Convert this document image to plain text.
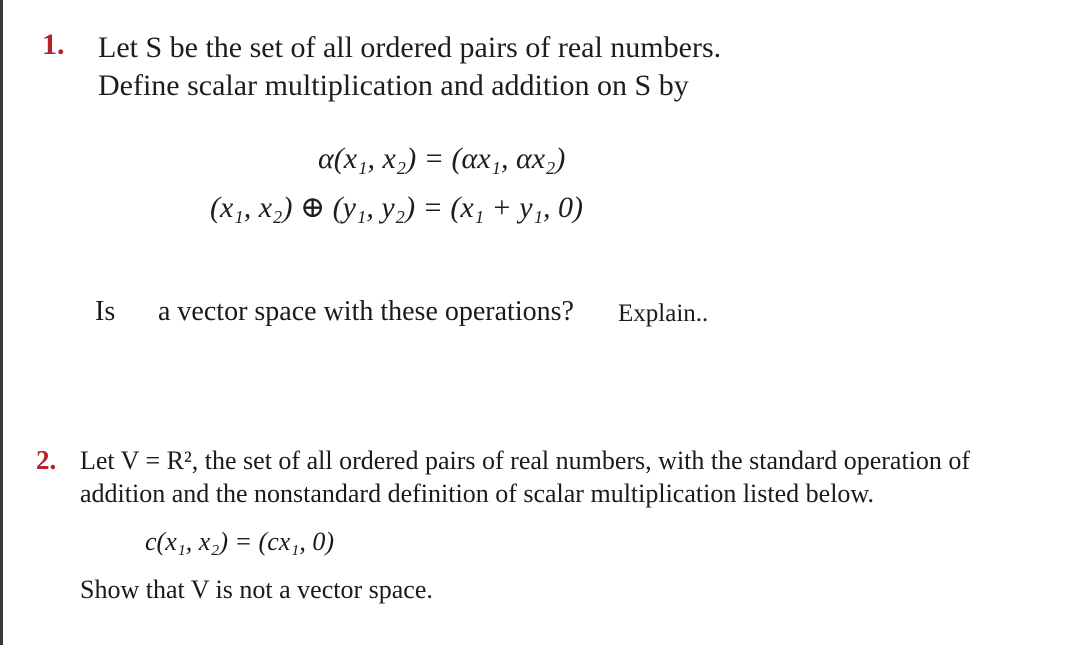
1. Let S be the set of all ordered pairs of real numbers.
Define scalar multiplication and addition on S by
α(x₁, x₂) = (αx₁, αx₂)
(x₁, x₂) ⊕ (y₁, y₂) = (x₁ + y₁, 0)
Is a vector space with these operations? Explain..
2. Let V = R², the set of all ordered pairs of real numbers, with the standard operation of
addition and the nonstandard definition of scalar multiplication listed below.
c(x₁, x₂) = (cx₁, 0)
Show that V is not a vector space.
